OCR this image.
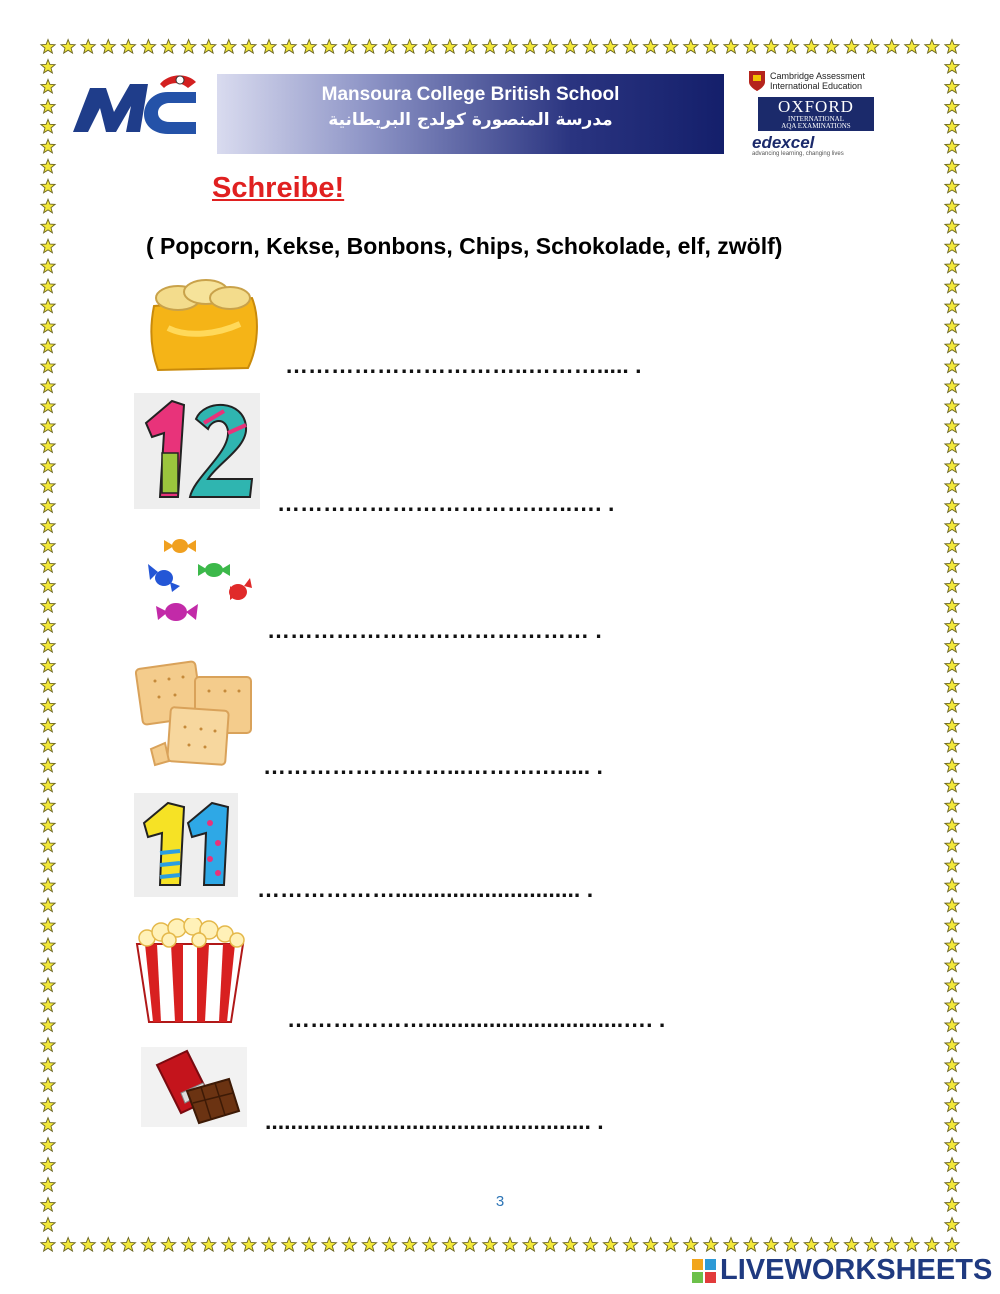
Mansoura College British School
مدرسة المنصورة كولدج البريطانية
Cambridge Assessment
International Education
OXFORD
INTERNATIONAL
AQA EXAMINATIONS
edexcel
advancing learning, changing lives
Schreibe!
( Popcorn, Kekse, Bonbons, Chips, Schokolade, elf, zwölf)
…………………………..………..... .
…………………………….…..…. .
…………………………………… .
……………………...……….….... .
………………............................. .
………………...............................…. .
................................................... .
3
LIVEWORKSHEETS
